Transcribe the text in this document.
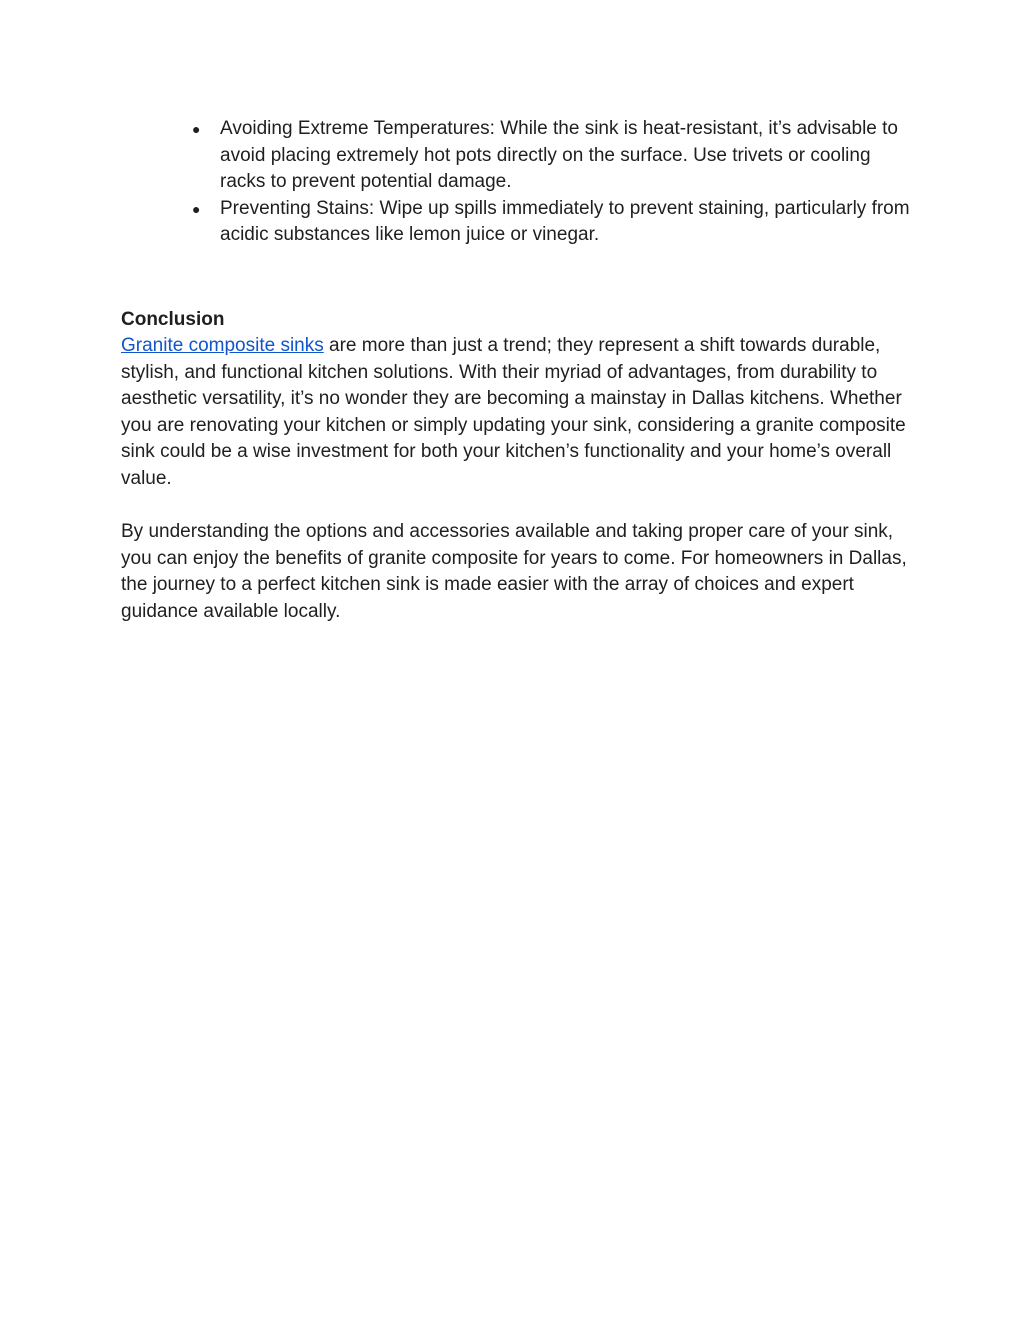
● Avoiding Extreme Temperatures: While the sink is heat-resistant, it’s advisable to avoid placing extremely hot pots directly on the surface. Use trivets or cooling racks to prevent potential damage.
● Preventing Stains: Wipe up spills immediately to prevent staining, particularly from acidic substances like lemon juice or vinegar.

Conclusion

Granite composite sinks are more than just a trend; they represent a shift towards durable, stylish, and functional kitchen solutions. With their myriad of advantages, from durability to aesthetic versatility, it’s no wonder they are becoming a mainstay in Dallas kitchens. Whether you are renovating your kitchen or simply updating your sink, considering a granite composite sink could be a wise investment for both your kitchen’s functionality and your home’s overall value.

By understanding the options and accessories available and taking proper care of your sink, you can enjoy the benefits of granite composite for years to come. For homeowners in Dallas, the journey to a perfect kitchen sink is made easier with the array of choices and expert guidance available locally.
